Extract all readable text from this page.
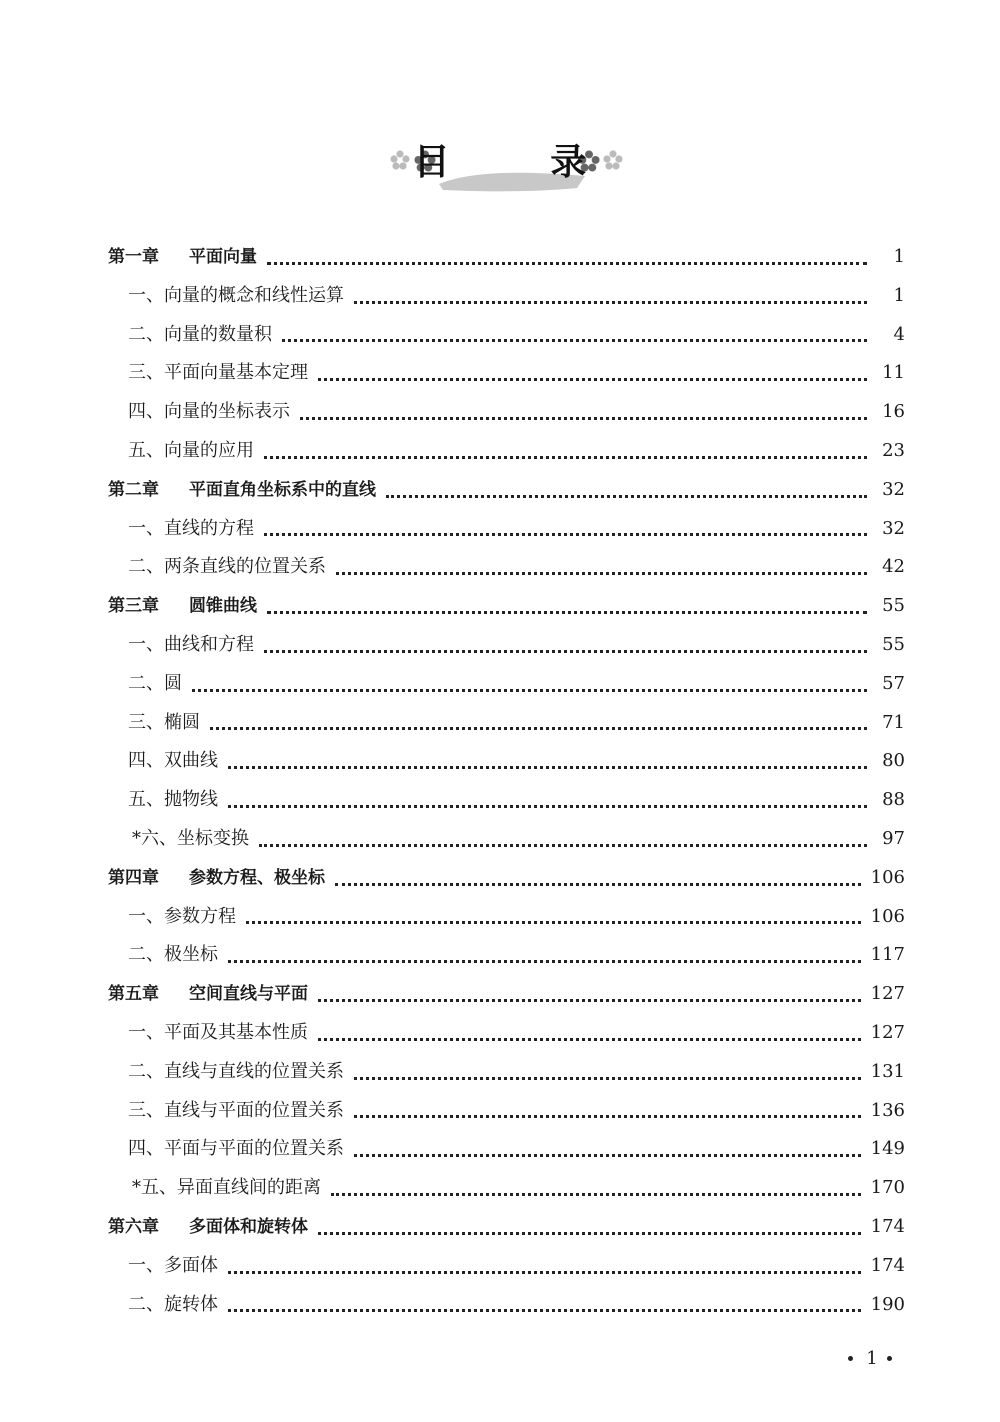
目 录
第一章 平面向量	1
一、向量的概念和线性运算	1
二、向量的数量积	4
三、平面向量基本定理	11
四、向量的坐标表示	16
五、向量的应用	23
第二章 平面直角坐标系中的直线	32
一、直线的方程	32
二、两条直线的位置关系	42
第三章 圆锥曲线	55
一、曲线和方程	55
二、圆	57
三、椭圆	71
四、双曲线	80
五、抛物线	88
*六、坐标变换	97
第四章 参数方程、极坐标	106
一、参数方程	106
二、极坐标	117
第五章 空间直线与平面	127
一、平面及其基本性质	127
二、直线与直线的位置关系	131
三、直线与平面的位置关系	136
四、平面与平面的位置关系	149
*五、异面直线间的距离	170
第六章 多面体和旋转体	174
一、多面体	174
二、旋转体	190
1
